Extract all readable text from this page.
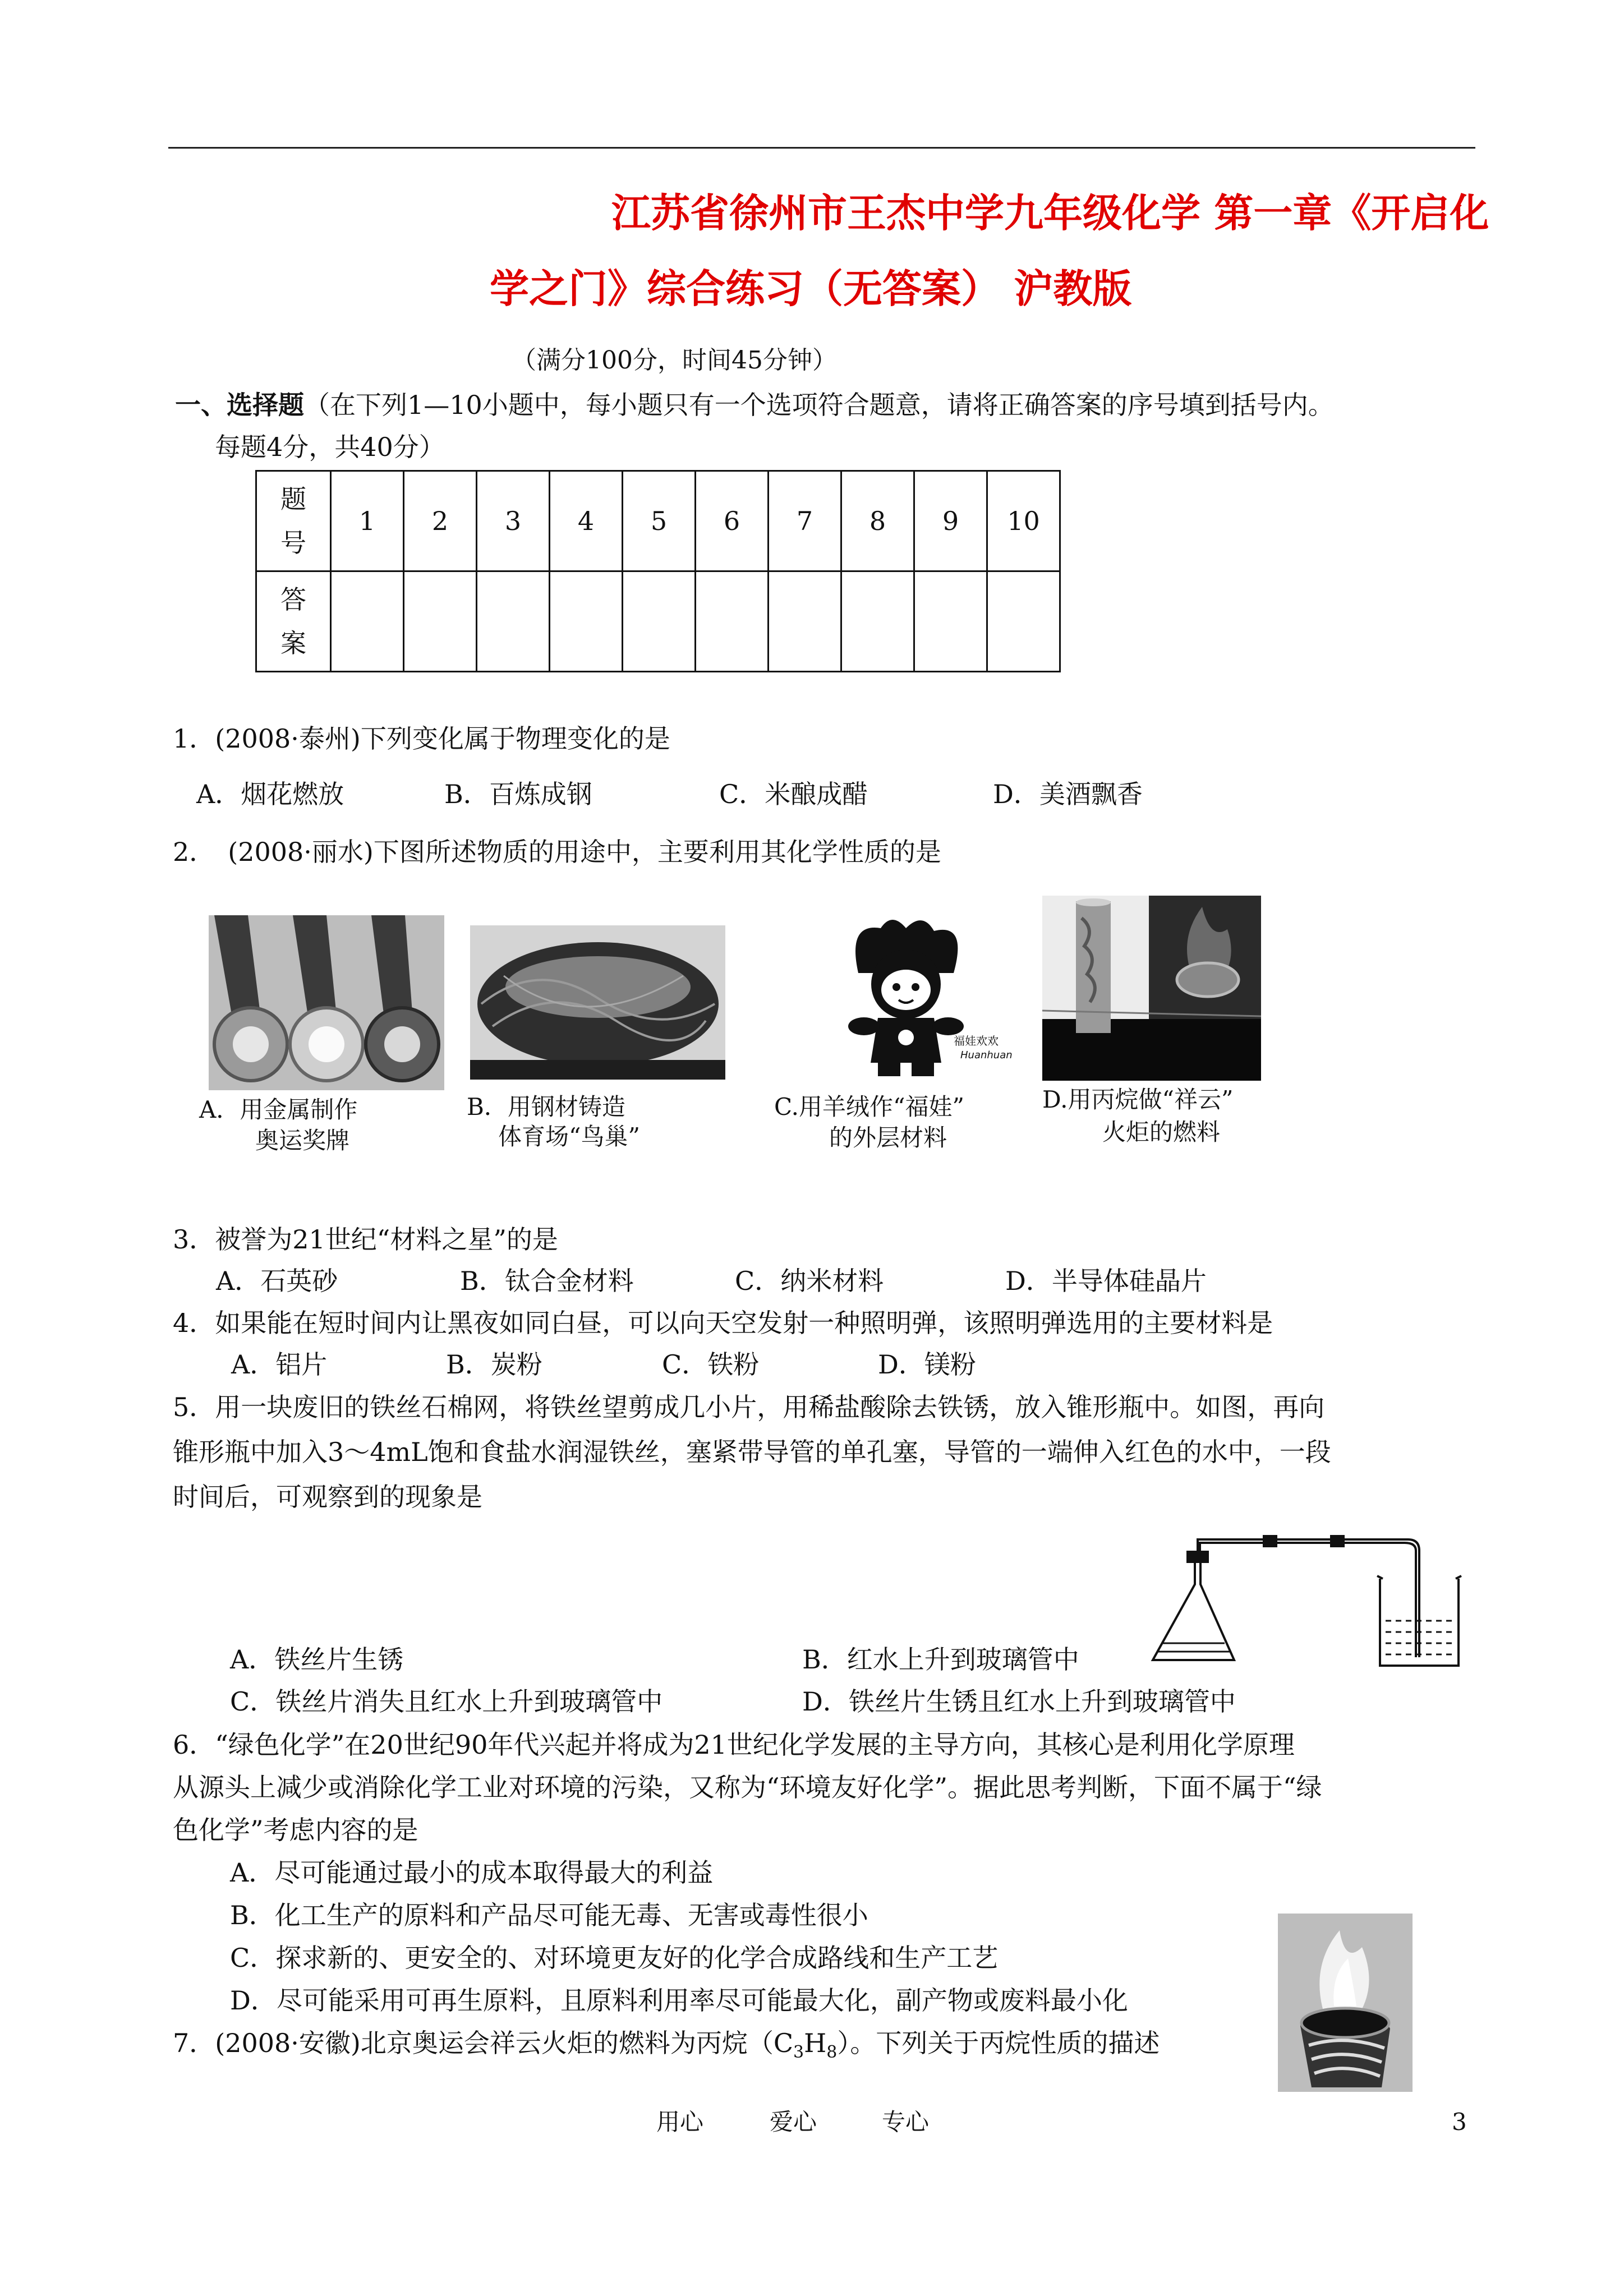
江苏省徐州市王杰中学九年级化学 第一章《开启化
学之门》综合练习（无答案） 沪教版
（满分100分，时间45分钟）
一、选择题（在下列1—10小题中，每小题只有一个选项符合题意，请将正确答案的序号填到括号内。
每题4分，共40分）
题
号	1	2	3	4	5	6	7	8	9	10
答
案										
1．(2008·泰州)下列变化属于物理变化的是
A．烟花燃放	B．百炼成钢	C．米酿成醋	D．美酒飘香
2．　(2008·丽水)下图所述物质的用途中，主要利用其化学性质的是
福娃欢欢
Huanhuan
A．用金属制作
奥运奖牌
B．用钢材铸造
体育场“鸟巢”
C.用羊绒作“福娃”
的外层材料
D.用丙烷做“祥云”
火炬的燃料
3．被誉为21世纪“材料之星”的是
A．石英砂	B．钛合金材料	C．纳米材料	D．半导体硅晶片
4．如果能在短时间内让黑夜如同白昼，可以向天空发射一种照明弹，该照明弹选用的主要材料是
A．铝片	B．炭粉	C．铁粉	D．镁粉
5．用一块废旧的铁丝石棉网，将铁丝望剪成几小片，用稀盐酸除去铁锈，放入锥形瓶中。如图，再向
锥形瓶中加入3～4mL饱和食盐水润湿铁丝，塞紧带导管的单孔塞，导管的一端伸入红色的水中，一段
时间后，可观察到的现象是
A．铁丝片生锈	B．红水上升到玻璃管中
C．铁丝片消失且红水上升到玻璃管中	D．铁丝片生锈且红水上升到玻璃管中
6．“绿色化学”在20世纪90年代兴起并将成为21世纪化学发展的主导方向，其核心是利用化学原理
从源头上减少或消除化学工业对环境的污染，又称为“环境友好化学”。据此思考判断，下面不属于“绿
色化学”考虑内容的是
A．尽可能通过最小的成本取得最大的利益
B．化工生产的原料和产品尽可能无毒、无害或毒性很小
C．探求新的、更安全的、对环境更友好的化学合成路线和生产工艺
D．尽可能采用可再生原料，且原料利用率尽可能最大化，副产物或废料最小化
7．(2008·安徽)北京奥运会祥云火炬的燃料为丙烷$(C_3H_8)$。下列关于丙烷性质的描述
用心	爱心	专心	3
